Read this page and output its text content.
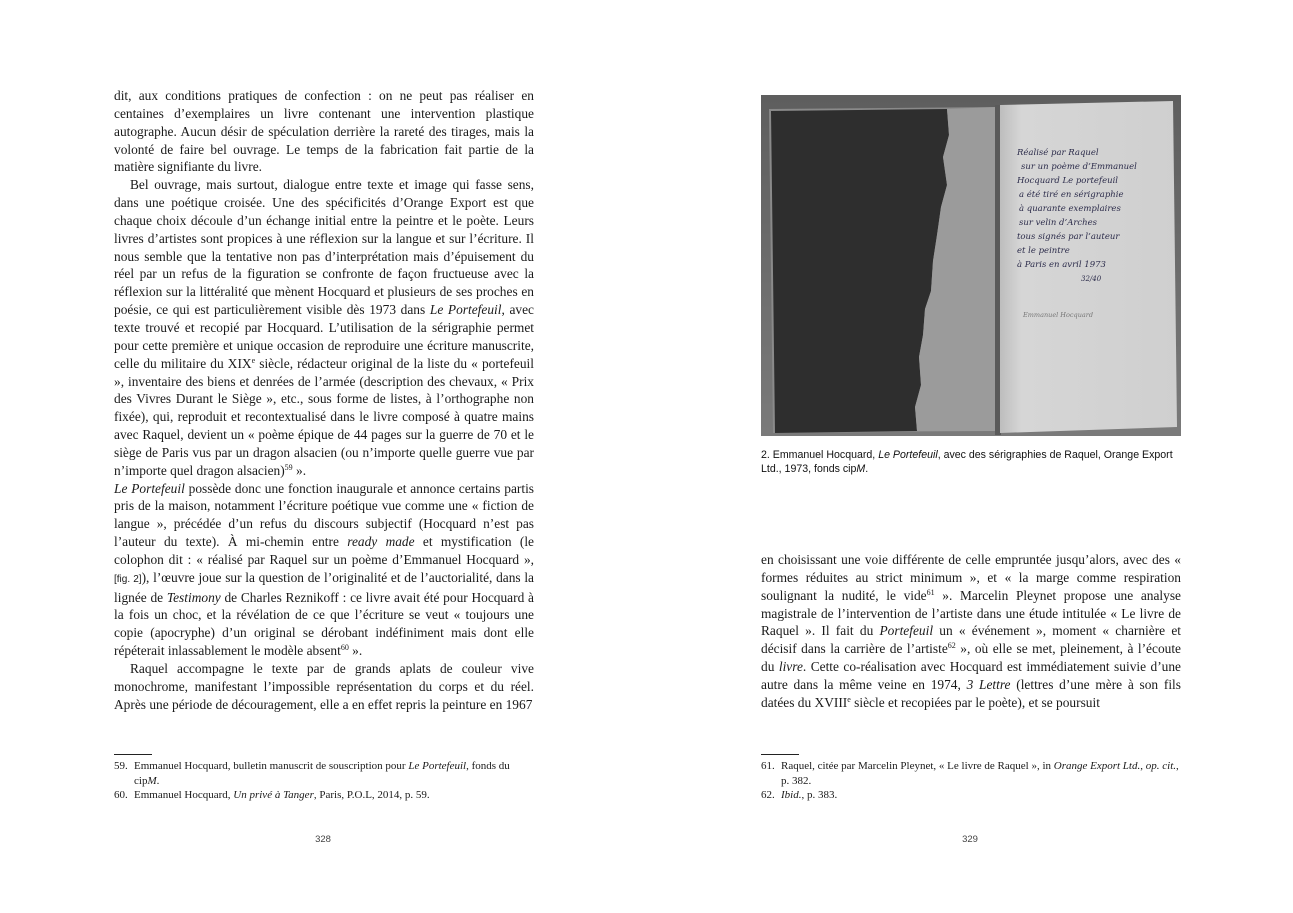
dit, aux conditions pratiques de confection : on ne peut pas réaliser en centaines d’exemplaires un livre contenant une intervention plastique autographe. Aucun désir de spéculation derrière la rareté des tirages, mais la volonté de faire bel ouvrage. Le temps de la fabrication fait partie de la matière signifiante du livre.

Bel ouvrage, mais surtout, dialogue entre texte et image qui fasse sens, dans une poétique croisée. Une des spécificités d’Orange Export est que chaque choix découle d’un échange initial entre la peintre et le poète. Leurs livres d’artistes sont propices à une réflexion sur la langue et sur l’écriture. Il nous semble que la tentative non pas d’interprétation mais d’épuisement du réel par un refus de la figuration se confronte de façon fructueuse avec la réflexion sur la littéralité que mènent Hocquard et plusieurs de ses proches en poésie, ce qui est particulièrement visible dès 1973 dans Le Portefeuil, avec texte trouvé et recopié par Hocquard. L’utilisation de la sérigraphie permet pour cette première et unique occasion de reproduire une écriture manuscrite, celle du militaire du XIXe siècle, rédacteur original de la liste du « portefeuil », inventaire des biens et denrées de l’armée (description des chevaux, « Prix des Vivres Durant le Siège », etc., sous forme de listes, à l’orthographe non fixée), qui, reproduit et recontextualisé dans le livre composé à quatre mains avec Raquel, devient un « poème épique de 44 pages sur la guerre de 70 et le siège de Paris vus par un dragon alsacien (ou n’importe quelle guerre vue par n’importe quel dragon alsacien)$^{59}$ ».
Le Portefeuil possède donc une fonction inaugurale et annonce certains partis pris de la maison, notamment l’écriture poétique vue comme une « fiction de langue », précédée d’un refus du discours subjectif (Hocquard n’est pas l’auteur du texte). À mi-chemin entre ready made et mystification (le colophon dit : « réalisé par Raquel sur un poème d’Emmanuel Hocquard », [fig. 2]), l’œuvre joue sur la question de l’originalité et de l’auctorialité, dans la lignée de Testimony de Charles Reznikoff : ce livre avait été pour Hocquard à la fois un choc, et la révélation de ce que l’écriture se veut « toujours une copie (apocryphe) d’un original se dérobant indéfiniment mais dont elle répéterait inlassablement le modèle absent$^{60}$ ».

Raquel accompagne le texte par de grands aplats de couleur vive monochrome, manifestant l’impossible représentation du corps et du réel. Après une période de découragement, elle a en effet repris la peinture en 1967

59. Emmanuel Hocquard, bulletin manuscrit de souscription pour Le Portefeuil, fonds du cipM.

60. Emmanuel Hocquard, Un privé à Tanger, Paris, P.O.L, 2014, p. 59.

328
Réalisé par Raquel
sur un poème d’Emmanuel
Hocquard Le portefeuil
a été tiré en sérigraphie
à quarante exemplaires
sur velin d’Arches
tous signés par l’auteur
et le peintre
à Paris en avril 1973
32/40
Emmanuel Hocquard
2. Emmanuel Hocquard, Le Portefeuil, avec des sérigraphies de Raquel, Orange Export Ltd., 1973, fonds cipM.

en choisissant une voie différente de celle empruntée jusqu’alors, avec des « formes réduites au strict minimum », et « la marge comme respiration soulignant la nudité, le vide$^{61}$ ». Marcelin Pleynet propose une analyse magistrale de l’intervention de l’artiste dans une étude intitulée « Le livre de Raquel ». Il fait du Portefeuil un « événement », moment « charnière et décisif dans la carrière de l’artiste$^{62}$ », où elle se met, pleinement, à l’écoute du livre. Cette co-réalisation avec Hocquard est immédiatement suivie d’une autre dans la même veine en 1974, 3 Lettre (lettres d’une mère à son fils datées du XVIIIe siècle et recopiées par le poète), et se poursuit

61. Raquel, citée par Marcelin Pleynet, « Le livre de Raquel », in Orange Export Ltd., op. cit., p. 382.

62. Ibid., p. 383.

329
